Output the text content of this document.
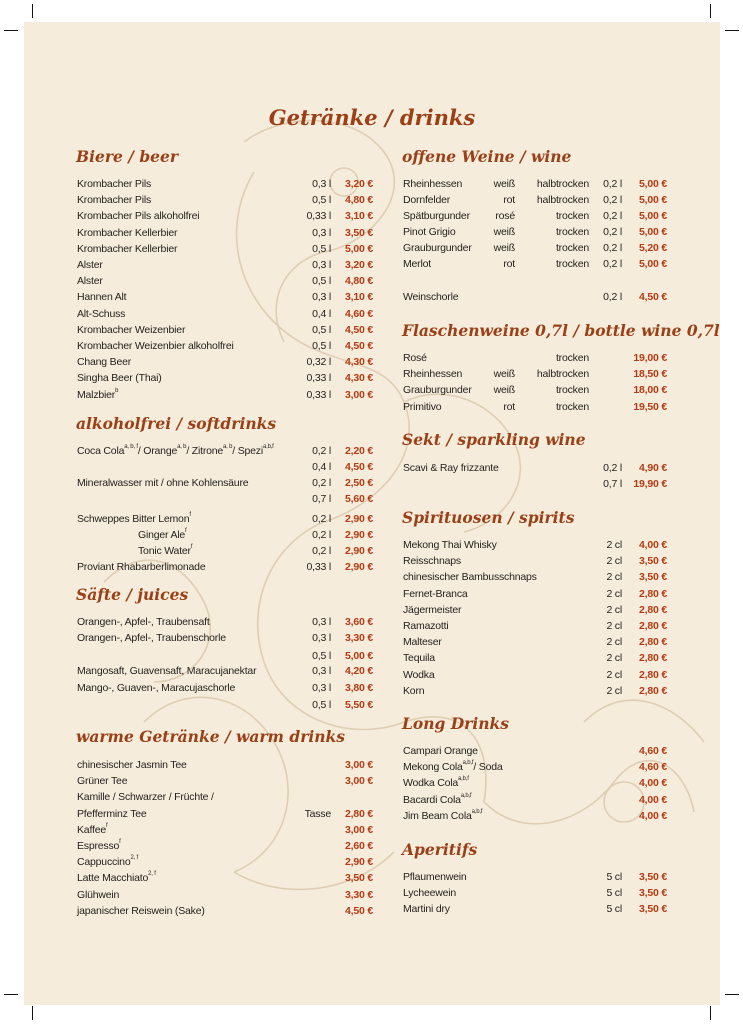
Getränke / drinks
Biere / beer
Krombacher Pils	0,3 l 3,20 €
Krombacher Pils	0,5 l 4,80 €
Krombacher Pils alkoholfrei	0,33 l 3,10 €
Krombacher Kellerbier	0,3 l 3,50 €
Krombacher Kellerbier	0,5 l 5,00 €
Alster	0,3 l 3,20 €
Alster	0,5 l 4,80 €
Hannen Alt	0,3 l 3,10 €
Alt-Schuss	0,4 l 4,60 €
Krombacher Weizenbier	0,5 l 4,50 €
Krombacher Weizenbier alkoholfrei	0,5 l 4,50 €
Chang Beer	0,32 l 4,30 €
Singha Beer (Thai)	0,33 l 4,30 €
Malzbier$^b$	0,33 l 3,00 €
alkoholfrei / softdrinks
Coca Cola$^{a, b, f}$/ Orange$^{a, b}$/ Zitrone$^{a, b}$/ Spezi$^{a,b,f}$	0,2 l 2,20 €
0,4 l 4,50 €
Mineralwasser mit / ohne Kohlensäure	0,2 l 2,50 €
0,7 l 5,60 €
Schweppes Bitter Lemon$^f$	0,2 l 2,90 €
Ginger Ale$^f$	0,2 l 2,90 €
Tonic Water$^f$	0,2 l 2,90 €
Proviant Rhabarberlimonade	0,33 l 2,90 €
Säfte / juices
Orangen-, Apfel-, Traubensaft	0,3 l 3,60 €
Orangen-, Apfel-, Traubenschorle	0,3 l 3,30 €
0,5 l 5,00 €
Mangosaft, Guavensaft, Maracujanektar	0,3 l 4,20 €
Mango-, Guaven-, Maracujaschorle	0,3 l 3,80 €
0,5 l 5,50 €
warme Getränke / warm drinks
chinesischer Jasmin Tee	3,00 €
Grüner Tee	3,00 €
Kamille / Schwarzer / Früchte /
Pfefferminz Tee	Tasse 2,80 €
Kaffee$^f$	3,00 €
Espresso$^f$	2,60 €
Cappuccino$^{2, f}$	2,90 €
Latte Macchiato$^{2, f}$	3,50 €
Glühwein	3,30 €
japanischer Reiswein (Sake)	4,50 €
offene Weine / wine
Rheinhessen	weiß halbtrocken 0,2 l 5,00 €
Dornfelder	rot halbtrocken 0,2 l 5,00 €
Spätburgunder rosé	trocken 0,2 l 5,00 €
Pinot Grigio	weiß	trocken 0,2 l 5,00 €
Grauburgunder weiß	trocken 0,2 l 5,20 €
Merlot	rot	trocken 0,2 l 5,00 €
Weinschorle	0,2 l 4,50 €
Flaschenweine 0,7l / bottle wine 0,7l
Rosé	trocken	19,00 €
Rheinhessen	weiß halbtrocken	18,50 €
Grauburgunder weiß	trocken	18,00 €
Primitivo	rot	trocken	19,50 €
Sekt / sparkling wine
Scavi & Ray frizzante	0,2 l 4,90 €
0,7 l 19,90 €
Spirituosen / spirits
Mekong Thai Whisky	2 cl 4,00 €
Reisschnaps	2 cl 3,50 €
chinesischer Bambusschnaps	2 cl 3,50 €
Fernet-Branca	2 cl 2,80 €
Jägermeister	2 cl 2,80 €
Ramazotti	2 cl 2,80 €
Malteser	2 cl 2,80 €
Tequila	2 cl 2,80 €
Wodka	2 cl 2,80 €
Korn	2 cl 2,80 €
Long Drinks
Campari Orange	4,60 €
Mekong Cola$^{a,b,f}$/ Soda	4,60 €
Wodka Cola$^{a,b,f}$	4,00 €
Bacardi Cola$^{a,b,f}$	4,00 €
Jim Beam Cola$^{a,b,f}$	4,00 €
Aperitifs
Pflaumenwein	5 cl 3,50 €
Lycheewein	5 cl 3,50 €
Martini dry	5 cl 3,50 €
